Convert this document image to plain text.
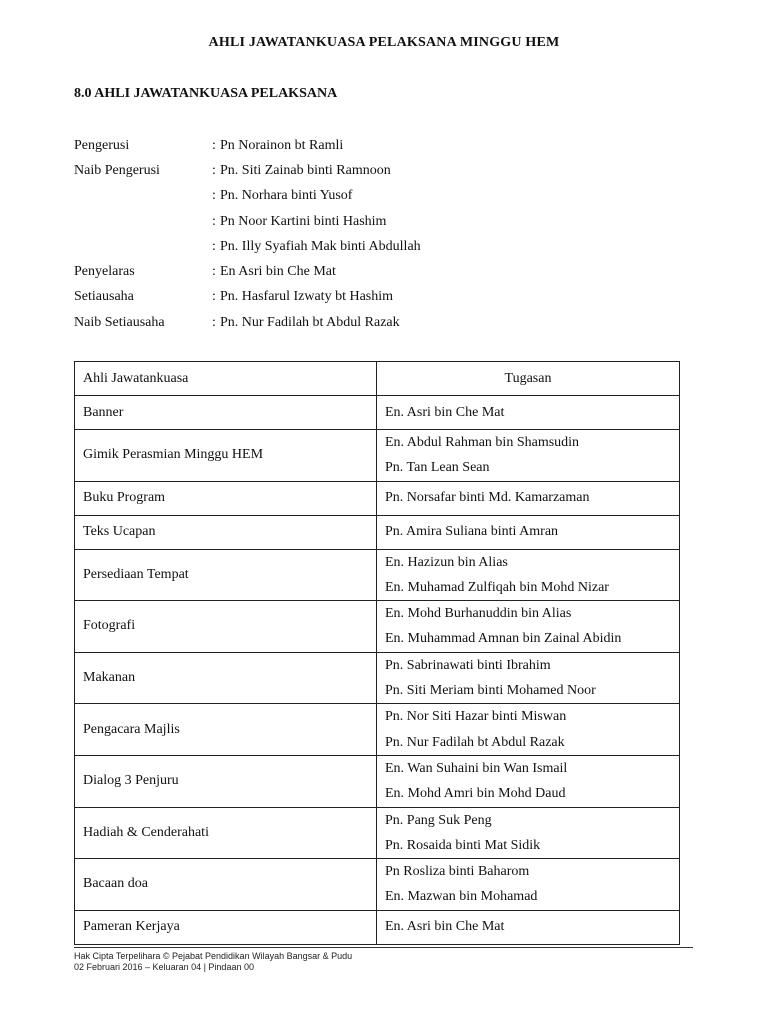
AHLI JAWATANKUASA PELAKSANA MINGGU HEM
8.0 AHLI JAWATANKUASA PELAKSANA
Pengerusi	: Pn Norainon bt Ramli
Naib Pengerusi	: Pn. Siti Zainab binti Ramnoon
: Pn. Norhara binti Yusof
: Pn Noor Kartini binti Hashim
: Pn. Illy Syafiah Mak binti Abdullah
Penyelaras	: En Asri bin Che Mat
Setiausaha	: Pn. Hasfarul Izwaty bt Hashim
Naib Setiausaha	: Pn. Nur Fadilah bt Abdul Razak
Ahli Jawatankuasa	Tugasan
Banner	En. Asri bin Che Mat
Gimik Perasmian Minggu HEM	En. Abdul Rahman bin Shamsudin
Pn. Tan Lean Sean

Buku Program	Pn. Norsafar binti Md. Kamarzaman
Teks Ucapan	Pn. Amira Suliana binti Amran
Persediaan Tempat	En. Hazizun bin Alias
En. Muhamad Zulfiqah bin Mohd Nizar

Fotografi	En. Mohd Burhanuddin bin Alias
En. Muhammad Amnan bin Zainal Abidin

Makanan	Pn. Sabrinawati binti Ibrahim
Pn. Siti Meriam binti Mohamed Noor

Pengacara Majlis	Pn. Nor Siti Hazar binti Miswan
Pn. Nur Fadilah bt Abdul Razak

Dialog 3 Penjuru	En. Wan Suhaini bin Wan Ismail
En. Mohd Amri bin Mohd Daud

Hadiah & Cenderahati	Pn. Pang Suk Peng
Pn. Rosaida binti Mat Sidik

Bacaan doa	Pn Rosliza binti Baharom
En. Mazwan bin Mohamad

Pameran Kerjaya	En. Asri bin Che Mat
Hak Cipta Terpelihara © Pejabat Pendidikan Wilayah Bangsar & Pudu
02 Februari 2016 – Keluaran 04 | Pindaan 00
